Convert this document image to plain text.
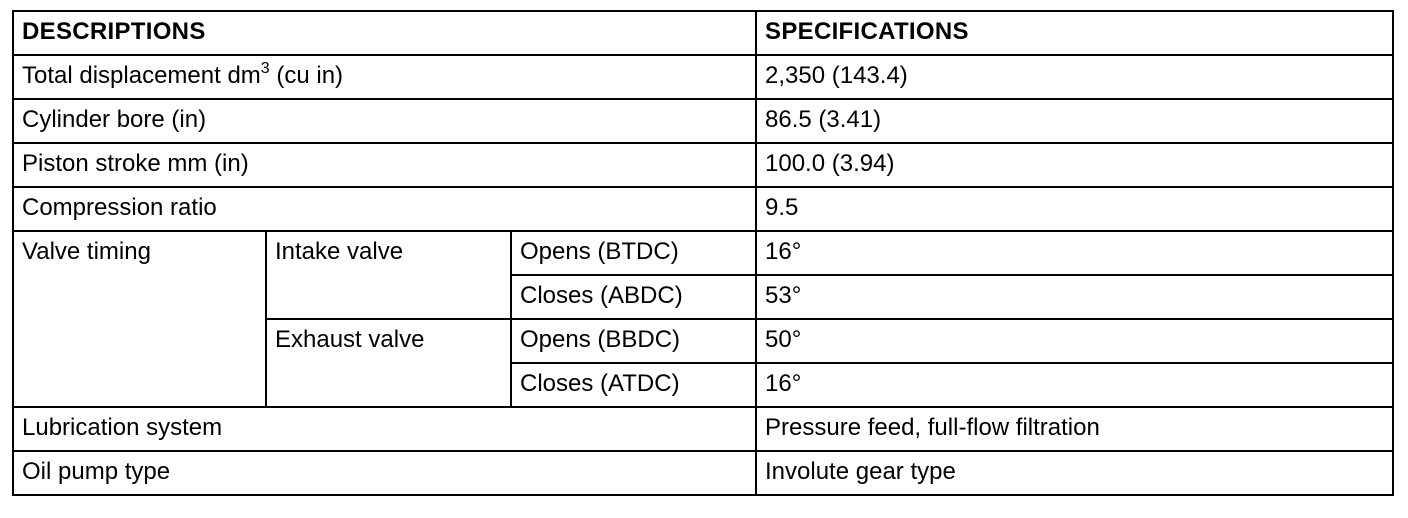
DESCRIPTIONS			SPECIFICATIONS
Total displacement $dm^3$ (cu in)			2,350 (143.4)
Cylinder bore (in)			86.5 (3.41)
Piston stroke mm (in)			100.0 (3.94)
Compression ratio			9.5
Valve timing	Intake valve	Opens (BTDC)	16°
		Closes (ABDC)	53°
	Exhaust valve	Opens (BBDC)	50°
		Closes (ATDC)	16°
Lubrication system			Pressure feed, full-flow filtration
Oil pump type			Involute gear type
